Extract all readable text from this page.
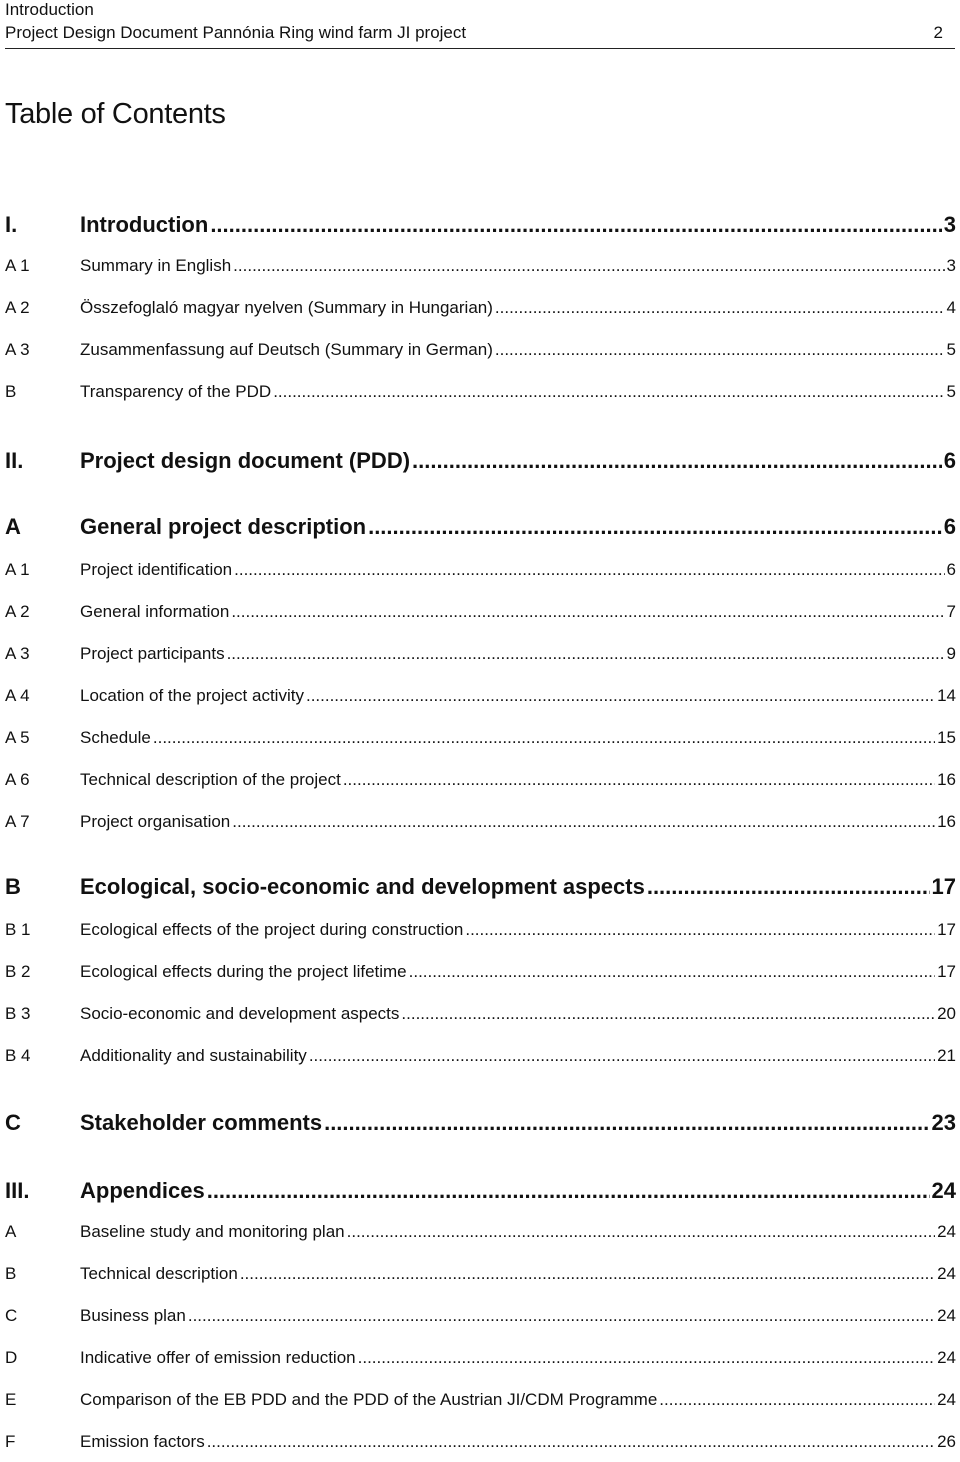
Introduction
Project Design Document Pannónia Ring wind farm JI project	2
Table of Contents
I.	Introduction .....	3
A 1	Summary in English .....	3
A 2	Összefoglaló magyar nyelven (Summary in Hungarian) .....	4
A 3	Zusammenfassung auf Deutsch (Summary in German) .....	5
B	Transparency of the PDD .....	5
II.	Project design document (PDD) .....	6
A	General project description .....	6
A 1	Project identification .....	6
A 2	General information .....	7
A 3	Project participants .....	9
A 4	Location of the project activity .....	14
A 5	Schedule .....	15
A 6	Technical description of the project .....	16
A 7	Project organisation .....	16
B	Ecological, socio-economic and development aspects .....	17
B 1	Ecological effects of the project during construction .....	17
B 2	Ecological effects during the project lifetime .....	17
B 3	Socio-economic and development aspects .....	20
B 4	Additionality and sustainability .....	21
C	Stakeholder comments .....	23
III.	Appendices .....	24
A	Baseline study and monitoring plan .....	24
B	Technical description .....	24
C	Business plan .....	24
D	Indicative offer of emission reduction .....	24
E	Comparison of the EB PDD and the PDD of the Austrian JI/CDM Programme .....	24
F	Emission factors .....	26
